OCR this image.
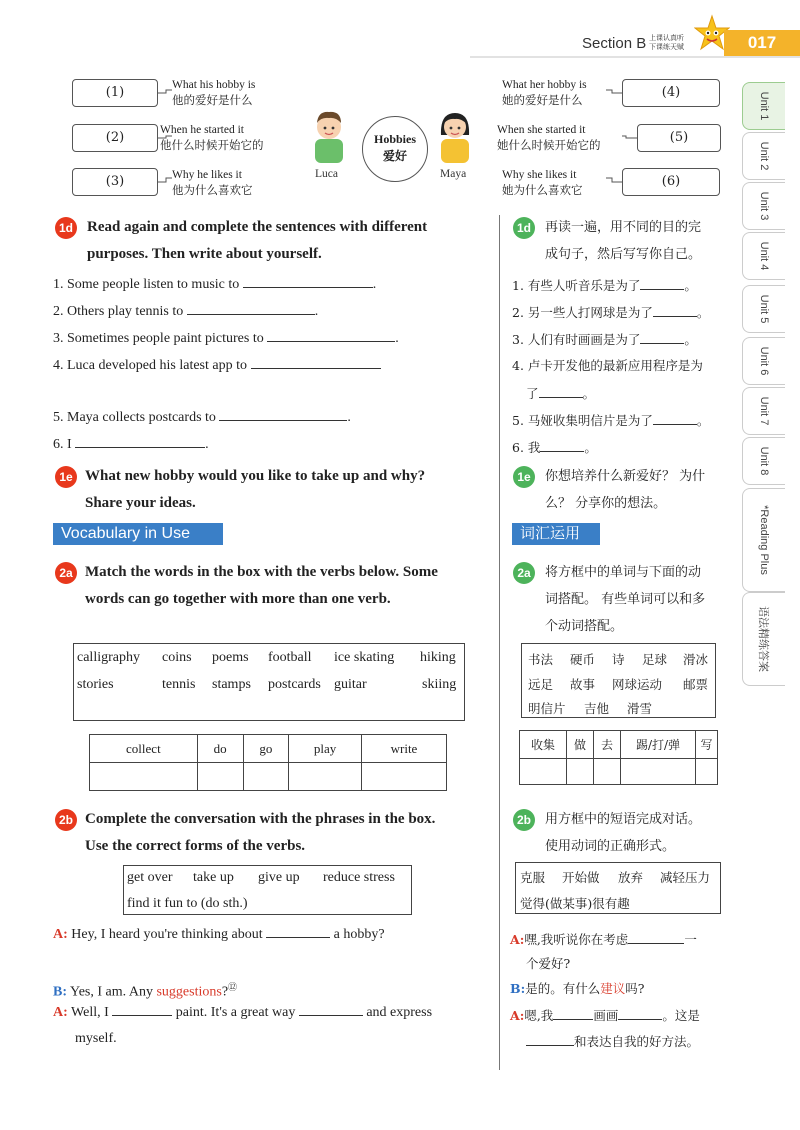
Section B 上课认真听
下课练天赋	017
Unit 1
Unit 2
Unit 3
Unit 4
Unit 5
Unit 6
Unit 7
Unit 8
*Reading Plus
语法精练答案
(1)	What his hobby is
他的爱好是什么
(2)	When he started it
他什么时候开始它的
(3)	Why he likes it
他为什么喜欢它
Luca
Hobbies
爱好
Maya
What her hobby is
她的爱好是什么	(4)
When she started it
她什么时候开始它的	(5)
Why she likes it
她为什么喜欢它
(6)
1d Read again and complete the sentences with different
purposes. Then write about yourself.
1. Some people listen to music to	.
2. Others play tennis to	.
3. Sometimes people paint pictures to	.
4. Luca developed his latest app to
5. Maya collects postcards to	.
6. I	.
1d	再读一遍，用不同的目的完
成句子，然后写写你自己。
1. 有些人听音乐是为了	。
2. 另一些人打网球是为了	。
3. 人们有时画画是为了	。
4. 卢卡开发他的最新应用程序是为
了	。
5. 马娅收集明信片是为了	。
6. 我	。
1e What new hobby would you like to take up and why?
Share your ideas.
1e	你想培养什么新爱好？ 为什
么？ 分享你的想法。
Vocabulary in Use	词汇运用
2a Match the words in the box with the verbs below. Some
words can go together with more than one verb.
calligraphy coins poems football ice skating hiking
stories	tennis stamps postcards guitar	skiing
collect	do	go	play	write

2a	将方框中的单词与下面的动
词搭配。 有些单词可以和多
个动词搭配。
书法 硬币 诗 足球 滑冰
远足 故事 网球运动 邮票
明信片 吉他 滑雪
收集	做	去	踢/打/弹	写

2b Complete the conversation with the phrases in the box.
Use the correct forms of the verbs.
get over take up give up reduce stress
find it fun to (do sth.)
A: Hey, I heard you're thinking about	a hobby?
B: Yes, I am. Any suggestions?⑫
A: Well, I	paint. It's a great way	and express
myself.
2b	用方框中的短语完成对话。
使用动词的正确形式。
克服 开始做 放弃 减轻压力
觉得(做某事)很有趣
A:嘿,我听说你在考虑	一
个爱好?
B:是的。有什么建议吗?
A:嗯,我	画画	。这是
和表达自我的好方法。
